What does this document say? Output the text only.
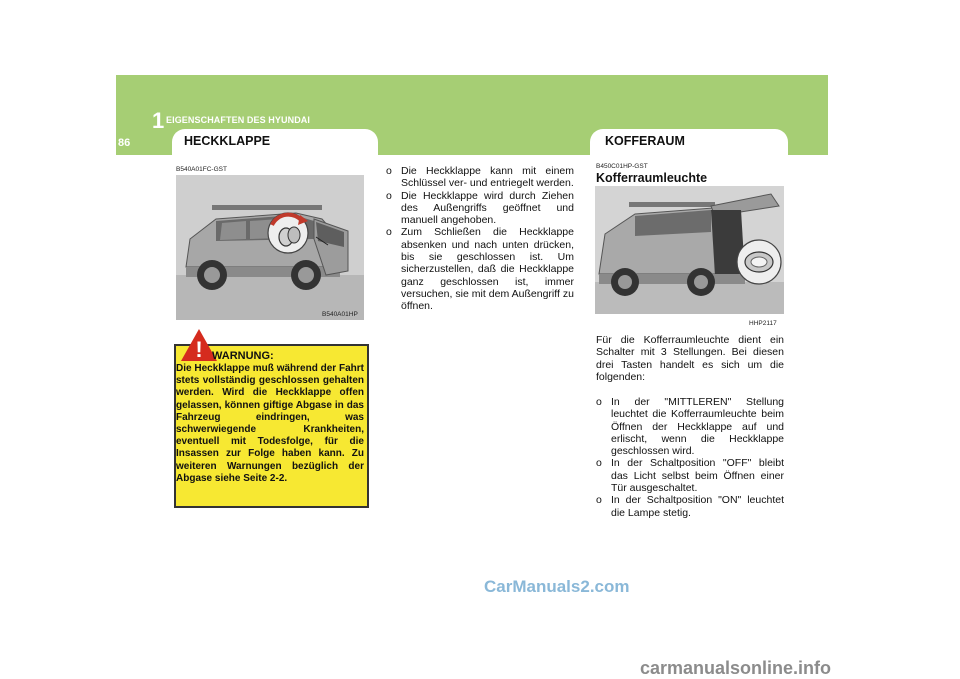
1 EIGENSCHAFTEN DES HYUNDAI
86	HECKKLAPPE	KOFFERAUM
B540A01FC-GST
B540A01HP
! WARNUNG:
Die Heckklappe muß während der Fahrt stets vollständig geschlossen gehalten werden. Wird die Heckklappe offen gelassen, können giftige Abgase in das Fahrzeug eindringen, was schwerwiegende Krankheiten, eventuell mit Todesfolge, für die Insassen zur Folge haben kann. Zu weiteren Warnungen bezüglich der Abgase siehe Seite 2-2.
o Die Heckklappe kann mit einem Schlüssel ver- und entriegelt werden.
o Die Heckklappe wird durch Ziehen des Außengriffs geöffnet und manuell angehoben.
o Zum Schließen die Heckklappe absenken und nach unten drücken, bis sie geschlossen ist. Um sicherzustellen, daß die Heckklappe ganz geschlossen ist, immer versuchen, sie mit dem Außengriff zu öffnen.
B450C01HP-GST
Kofferraumleuchte
HHP2117

Für die Kofferraumleuchte dient ein Schalter mit 3 Stellungen. Bei diesen drei Tasten handelt es sich um die folgenden:

o In der "MITTLEREN" Stellung leuchtet die Kofferraumleuchte beim Öffnen der Heckklappe auf und erlischt, wenn die Heckklappe geschlossen wird.
o In der Schaltposition "OFF" bleibt das Licht selbst beim Öffnen einer Tür ausgeschaltet.
o In der Schaltposition "ON" leuchtet die Lampe stetig.
CarManuals2.com
carmanualsonline.info
